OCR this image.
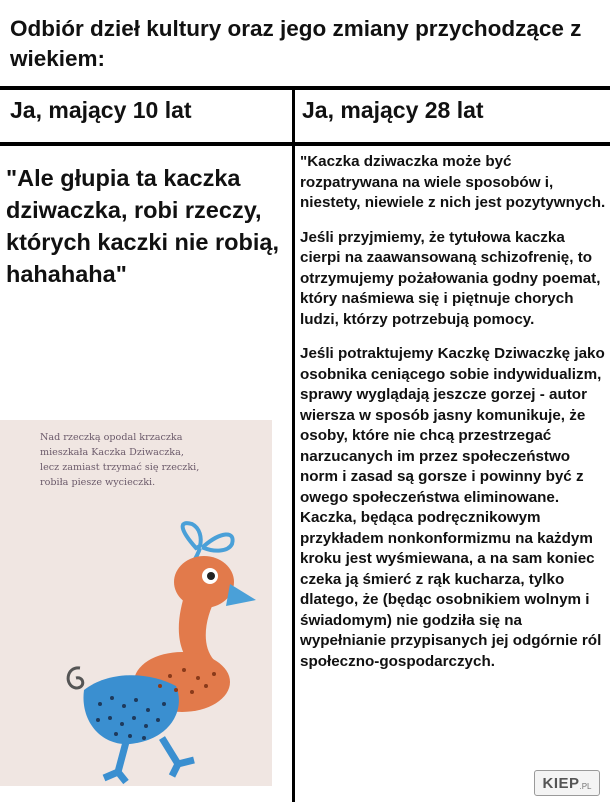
Odbiór dzieł kultury oraz jego zmiany przychodzące z wiekiem:
Ja, mający 10 lat	Ja, mający 28 lat
"Ale głupia ta kaczka dziwaczka, robi rzeczy, których kaczki nie robią, hahahaha"

"Kaczka dziwaczka może być rozpatrywana na wiele sposobów i, niestety, niewiele z nich jest pozytywnych.

Jeśli przyjmiemy, że tytułowa kaczka cierpi na zaawansowaną schizofrenię, to otrzymujemy pożałowania godny poemat, który naśmiewa się i piętnuje chorych ludzi, którzy potrzebują pomocy.

Jeśli potraktujemy Kaczkę Dziwaczkę jako osobnika ceniącego sobie indywidualizm, sprawy wyglądają jeszcze gorzej - autor wiersza w sposób jasny komunikuje, że osoby, które nie chcą przestrzegać narzucanych im przez społeczeństwo norm i zasad są gorsze i powinny być z owego społeczeństwa eliminowane. Kaczka, będąca podręcznikowym przykładem nonkonformizmu na każdym kroku jest wyśmiewana, a na sam koniec czeka ją śmierć z rąk kucharza, tylko dlatego, że (będąc osobnikiem wolnym i świadomym) nie godziła się na wypełnianie przypisanych jej odgórnie ról społeczno-gospodarczych.

Nad rzeczką opodal krzaczka
mieszkała Kaczka Dziwaczka,
lecz zamiast trzymać się rzeczki,
robiła piesze wycieczki.
KIEP .PL
